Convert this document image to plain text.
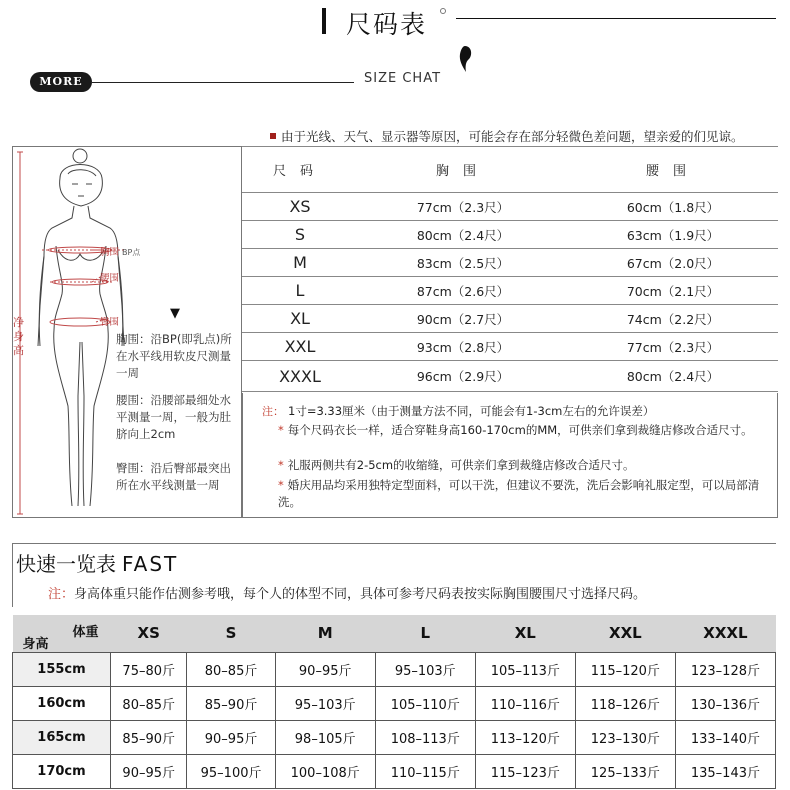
尺码表
MORE	SIZE CHAT
由于光线、天气、显示器等原因，可能会存在部分轻微色差问题，望亲爱的们见谅。
胸围 BP点
腰围
臀围
净身高
▼
胸围：沿BP(即乳点)所在水平线用软皮尺测量一周
腰围：沿腰部最细处水平测量一周，一般为肚脐向上2cm
臀围：沿后臀部最突出所在水平线测量一周
尺码	胸围	腰围
XS	77cm（2.3尺）	60cm（1.8尺）
S	80cm（2.4尺）	63cm（1.9尺）
M	83cm（2.5尺）	67cm（2.0尺）
L	87cm（2.6尺）	70cm（2.1尺）
XL	90cm（2.7尺）	74cm（2.2尺）
XXL	93cm（2.8尺）	77cm（2.3尺）
XXXL	96cm（2.9尺）	80cm（2.4尺）
注： 1寸=3.33厘米（由于测量方法不同，可能会有1-3cm左右的允许误差）
* 每个尺码衣长一样，适合穿鞋身高160-170cm的MM，可供亲们拿到裁缝店修改合适尺寸。
* 礼服两侧共有2-5cm的收缩缝，可供亲们拿到裁缝店修改合适尺寸。
* 婚庆用品均采用独特定型面料，可以干洗，但建议不要洗，洗后会影响礼服定型，可以局部清洗。
快速一览表 FAST
注：身高体重只能作估测参考哦，每个人的体型不同，具体可参考尺码表按实际胸围腰围尺寸选择尺码。
体重
身高	XS	S	M	L	XL	XXL	XXXL
155cm	75–80斤	80–85斤	90–95斤	95–103斤	105–113斤	115–120斤	123–128斤
160cm	80–85斤	85–90斤	95–103斤	105–110斤	110–116斤	118–126斤	130–136斤
165cm	85–90斤	90–95斤	98–105斤	108–113斤	113–120斤	123–130斤	133–140斤
170cm	90–95斤	95–100斤	100–108斤	110–115斤	115–123斤	125–133斤	135–143斤
